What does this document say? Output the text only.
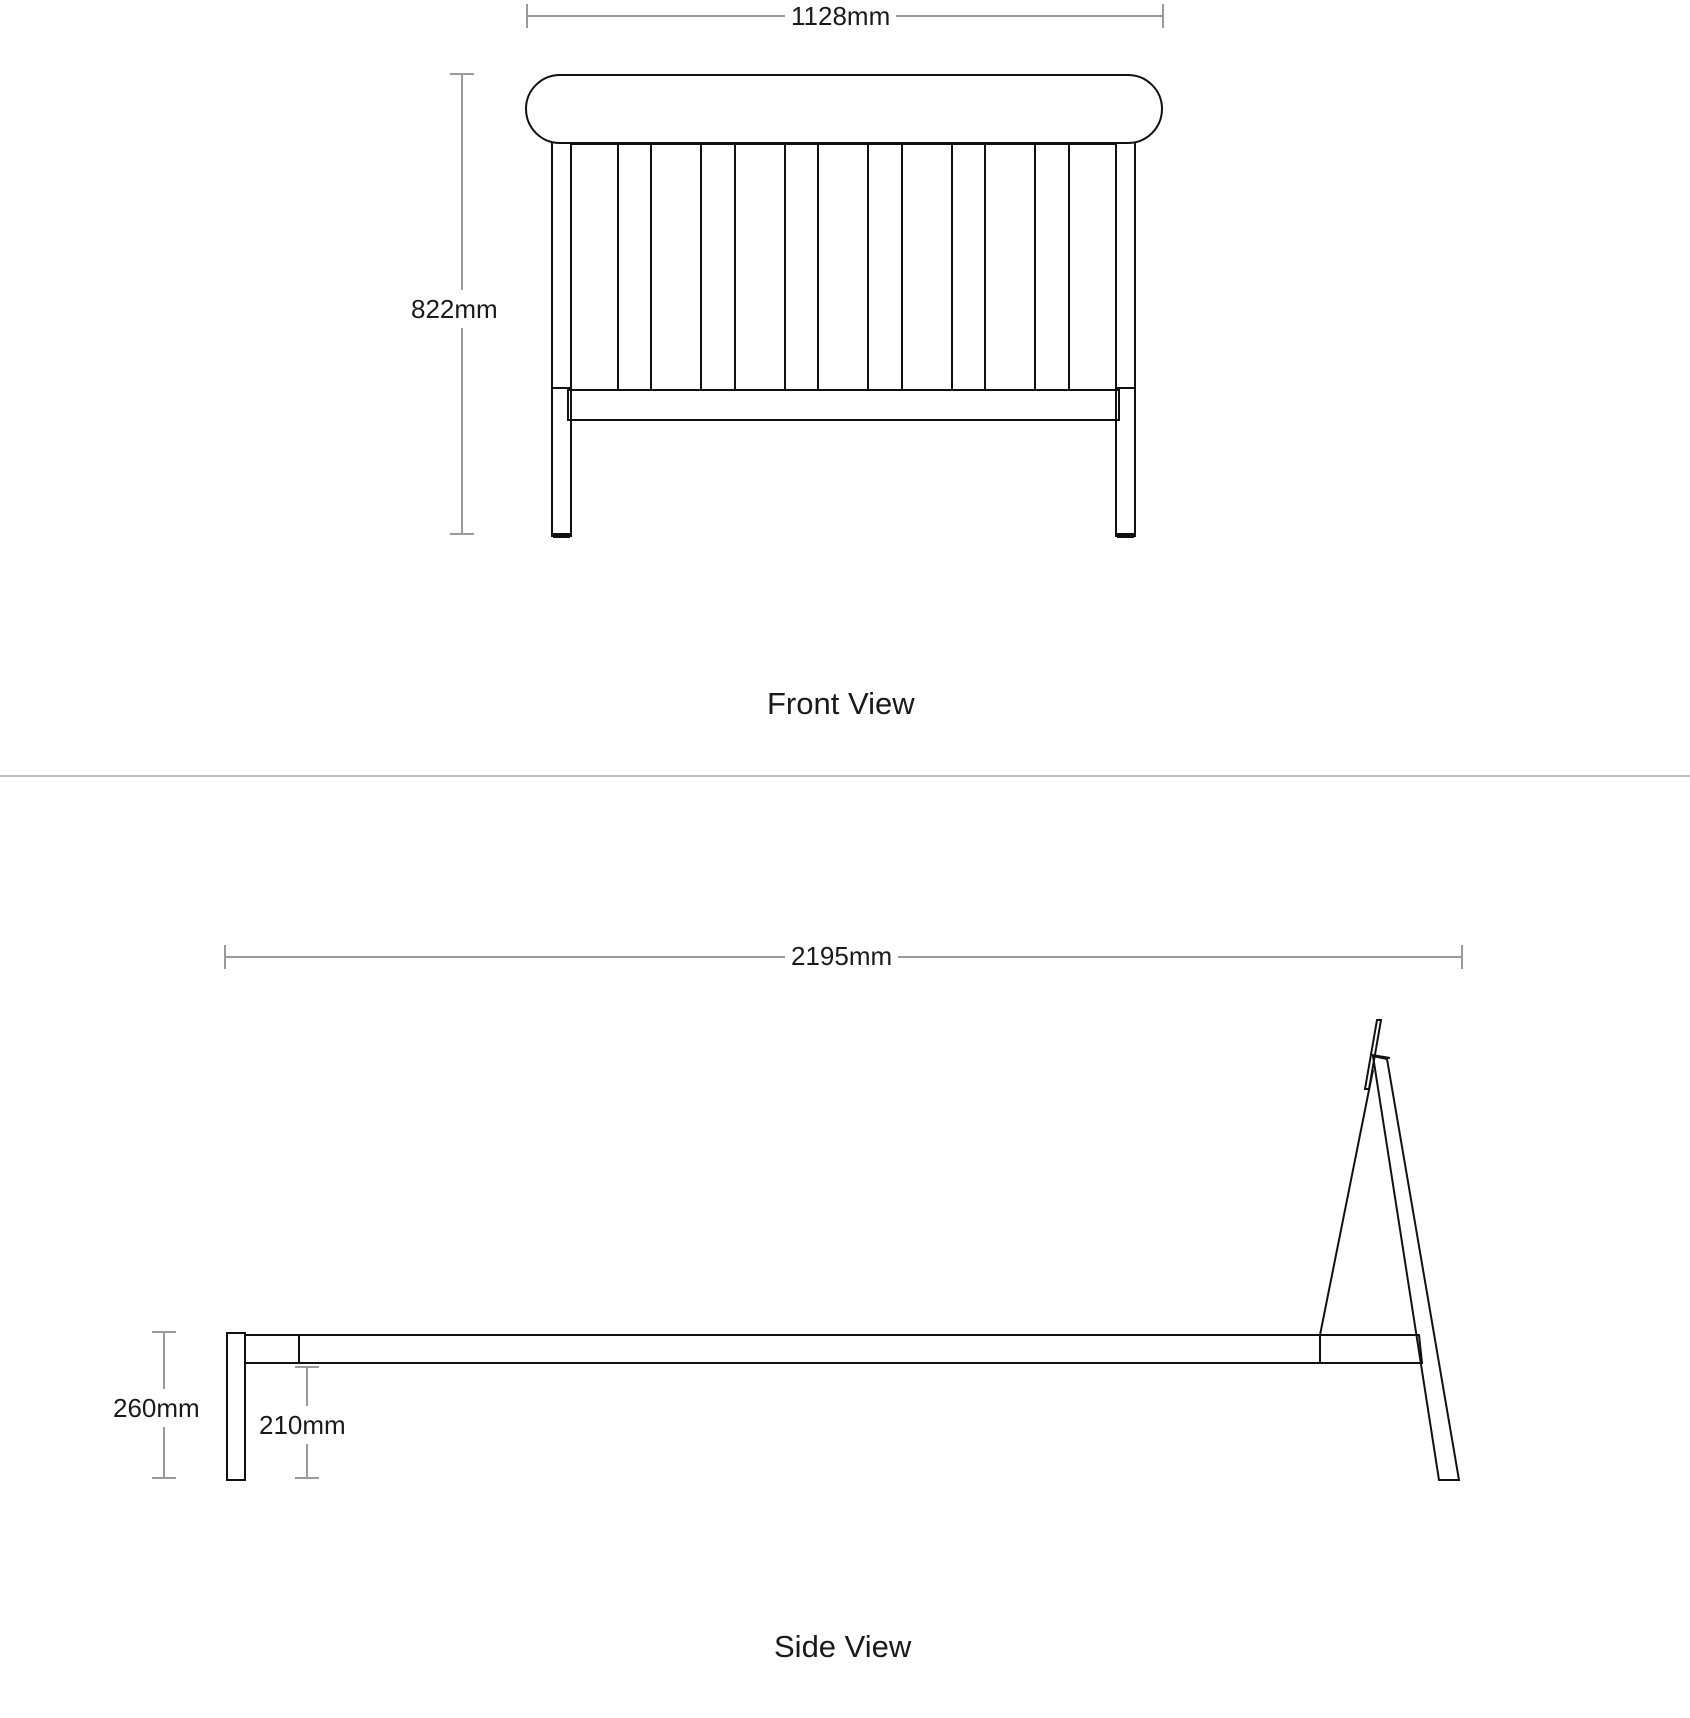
1128mm
822mm
Front View
2195mm
260mm
210mm
Side View
